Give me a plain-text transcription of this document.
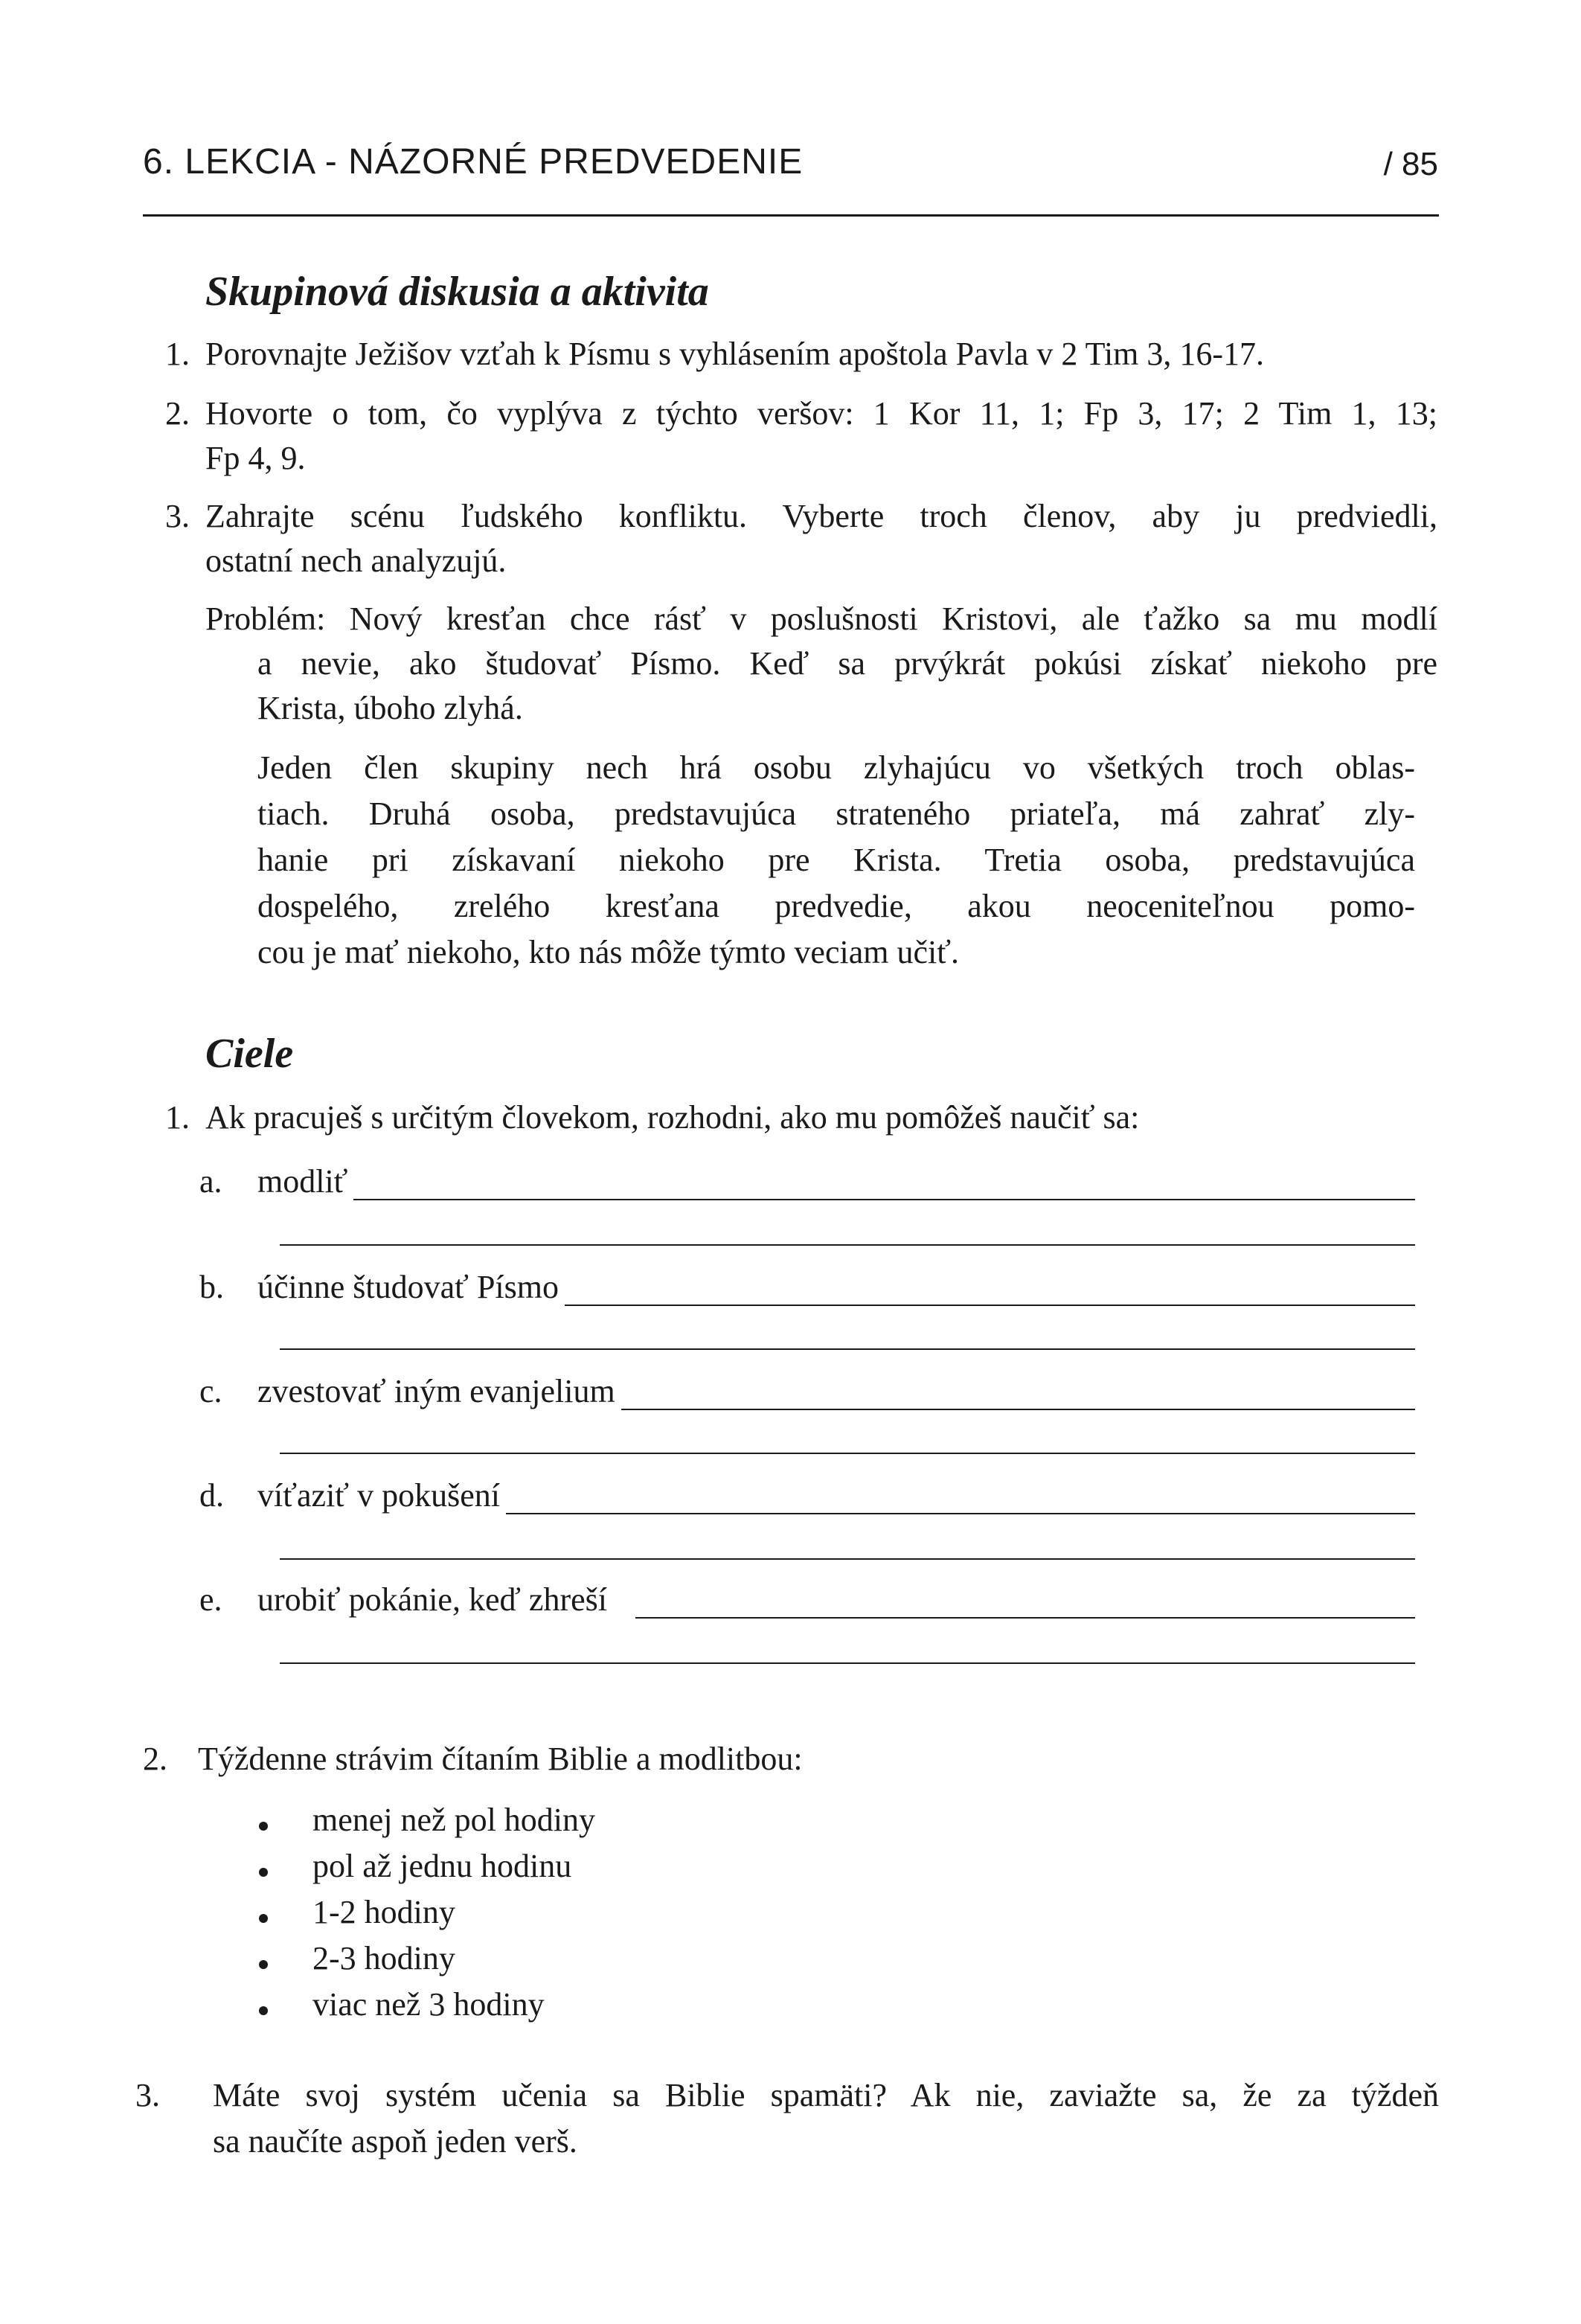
6. LEKCIA - NÁZORNÉ PREDVEDENIE	/ 85
Skupinová diskusia a aktivita
1. Porovnajte Ježišov vzťah k Písmu s vyhlásením apoštola Pavla v 2 Tim 3, 16-17.
2. Hovorte o tom, čo vyplýva z týchto veršov: 1 Kor 11, 1; Fp 3, 17; 2 Tim 1, 13;
Fp 4, 9.
3. Zahrajte scénu ľudského konfliktu. Vyberte troch členov, aby ju predviedli,
ostatní nech analyzujú.
Problém: Nový kresťan chce rásť v poslušnosti Kristovi, ale ťažko sa mu modlí
a nevie, ako študovať Písmo. Keď sa prvýkrát pokúsi získať niekoho pre
Krista, úboho zlyhá.
Jeden člen skupiny nech hrá osobu zlyhajúcu vo všetkých troch oblas-
tiach. Druhá osoba, predstavujúca strateného priateľa, má zahrať zly-
hanie pri získavaní niekoho pre Krista. Tretia osoba, predstavujúca
dospelého, zrelého kresťana predvedie, akou neoceniteľnou pomo-
cou je mať niekoho, kto nás môže týmto veciam učiť.
Ciele
1. Ak pracuješ s určitým človekom, rozhodni, ako mu pomôžeš naučiť sa:
a. modliť
b. účinne študovať Písmo
c. zvestovať iným evanjelium
d. víťaziť v pokušení
e. urobiť pokánie, keď zhreší
2. Týždenne strávim čítaním Biblie a modlitbou:
menej než pol hodiny
pol až jednu hodinu
1-2 hodiny
2-3 hodiny
viac než 3 hodiny
3. Máte svoj systém učenia sa Biblie spamäti? Ak nie, zaviažte sa, že za týždeň
sa naučíte aspoň jeden verš.
